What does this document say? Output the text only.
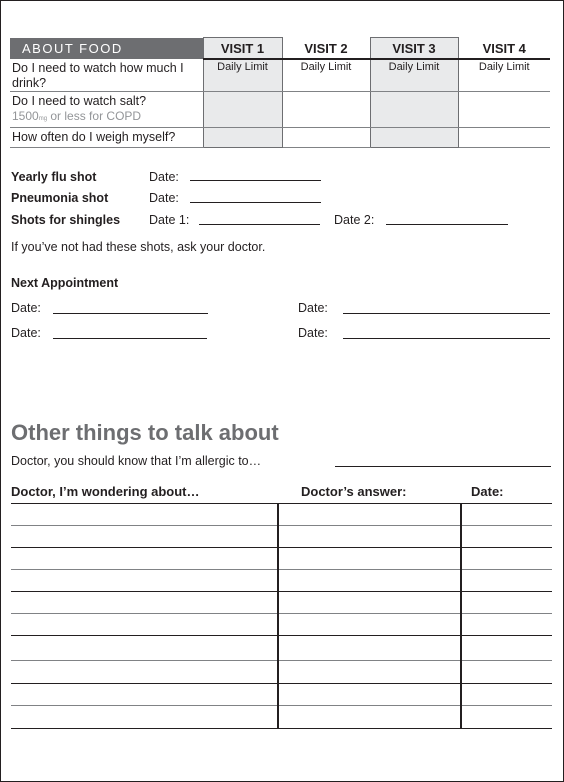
ABOUT FOOD	VISIT 1	VISIT 2	VISIT 3	VISIT 4
Do I need to watch how much I drink?	Daily Limit	Daily Limit	Daily Limit	Daily Limit
Do I need to watch salt?
1500mg or less for COPD				
How often do I weigh myself?				
Yearly flu shot	Date:
Pneumonia shot	Date:
Shots for shingles Date 1:	Date 2:
If you’ve not had these shots, ask your doctor.
Next Appointment
Date:	Date:
Date:	Date:
Other things to talk about
Doctor, you should know that I’m allergic to…
Doctor, I’m wondering about…	Doctor’s answer:	Date:
